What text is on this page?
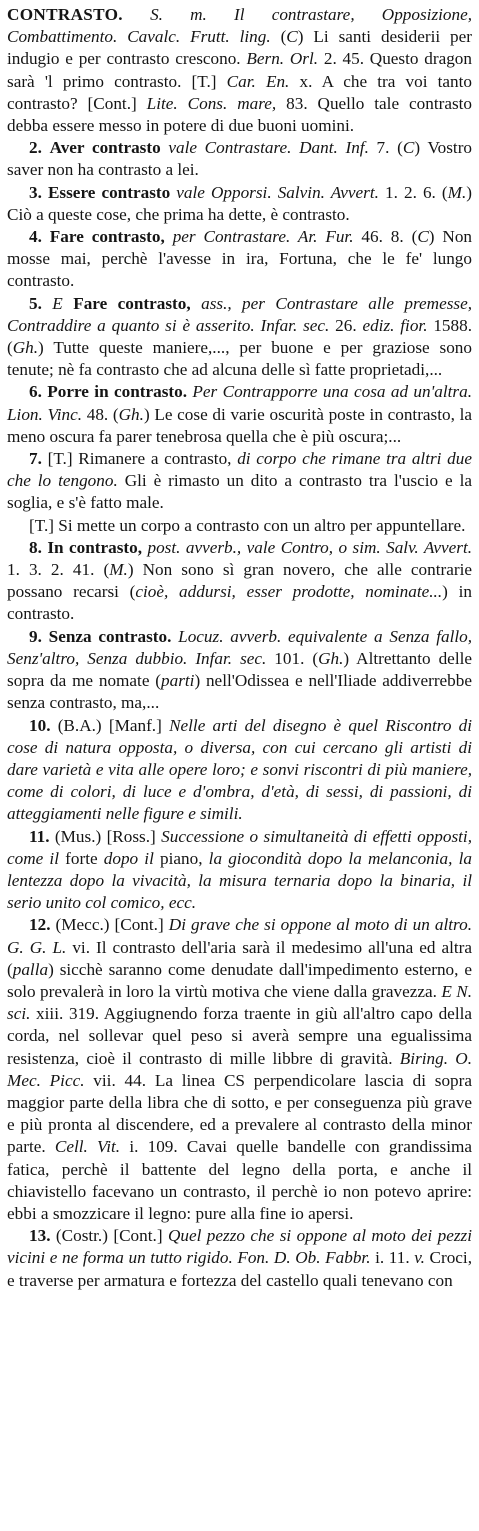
CONTRASTO. S. m. Il contrastare, Opposizione, Combattimento. Cavalc. Frutt. ling. (C) Li santi desiderii per indugio e per contrasto crescono. Bern. Orl. 2. 45. Questo dragon sarà 'l primo contrasto. [T.] Car. En. x. A che tra voi tanto contrasto? [Cont.] Lite. Cons. mare, 83. Quello tale contrasto debba essere messo in potere di due buoni uomini.

2. Aver contrasto vale Contrastare. Dant. Inf. 7. (C) Vostro saver non ha contrasto a lei.

3. Essere contrasto vale Opporsi. Salvin. Avvert. 1. 2. 6. (M.) Ciò a queste cose, che prima ha dette, è contrasto.

4. Fare contrasto, per Contrastare. Ar. Fur. 46. 8. (C) Non mosse mai, perchè l'avesse in ira, Fortuna, che le fe' lungo contrasto.

5. E Fare contrasto, ass., per Contrastare alle premesse, Contraddire a quanto si è asserito. Infar. sec. 26. ediz. fior. 1588. (Gh.) Tutte queste maniere,..., per buone e per graziose sono tenute; nè fa contrasto che ad alcuna delle sì fatte proprietadi,...

6. Porre in contrasto. Per Contrapporre una cosa ad un'altra. Lion. Vinc. 48. (Gh.) Le cose di varie oscurità poste in contrasto, la meno oscura fa parer tenebrosa quella che è più oscura;...

7. [T.] Rimanere a contrasto, di corpo che rimane tra altri due che lo tengono. Gli è rimasto un dito a contrasto tra l'uscio e la soglia, e s'è fatto male.

[T.] Si mette un corpo a contrasto con un altro per appuntellare.

8. In contrasto, post. avverb., vale Contro, o sim. Salv. Avvert. 1. 3. 2. 41. (M.) Non sono sì gran novero, che alle contrarie possano recarsi (cioè, addursi, esser prodotte, nominate...) in contrasto.

9. Senza contrasto. Locuz. avverb. equivalente a Senza fallo, Senz'altro, Senza dubbio. Infar. sec. 101. (Gh.) Altrettanto delle sopra da me nomate (parti) nell'Odissea e nell'Iliade addiverrebbe senza contrasto, ma,...

10. (B.A.) [Manf.] Nelle arti del disegno è quel Riscontro di cose di natura opposta, o diversa, con cui cercano gli artisti di dare varietà e vita alle opere loro; e sonvi riscontri di più maniere, come di colori, di luce e d'ombra, d'età, di sessi, di passioni, di atteggiamenti nelle figure e simili.

11. (Mus.) [Ross.] Successione o simultaneità di effetti opposti, come il forte dopo il piano, la giocondità dopo la melanconia, la lentezza dopo la vivacità, la misura ternaria dopo la binaria, il serio unito col comico, ecc.

12. (Mecc.) [Cont.] Di grave che si oppone al moto di un altro. G. G. L. vi. Il contrasto dell'aria sarà il medesimo all'una ed altra (palla) sicchè saranno come denudate dall'impedimento esterno, e solo prevalerà in loro la virtù motiva che viene dalla gravezza. E N. sci. xiii. 319. Aggiugnendo forza traente in giù all'altro capo della corda, nel sollevar quel peso si averà sempre una egualissima resistenza, cioè il contrasto di mille libbre di gravità. Biring. O. Mec. Picc. vii. 44. La linea CS perpendicolare lascia di sopra maggior parte della libra che di sotto, e per conseguenza più grave e più pronta al discendere, ed a prevalere al contrasto della minor parte. Cell. Vit. i. 109. Cavai quelle bandelle con grandissima fatica, perchè il battente del legno della porta, e anche il chiavistello facevano un contrasto, il perchè io non potevo aprire: ebbi a smozzicare il legno: pure alla fine io apersi.

13. (Costr.) [Cont.] Quel pezzo che si oppone al moto dei pezzi vicini e ne forma un tutto rigido. Fon. D. Ob. Fabbr. i. 11. v. Croci, e traverse per armatura e fortezza del castello quali tenevano con
